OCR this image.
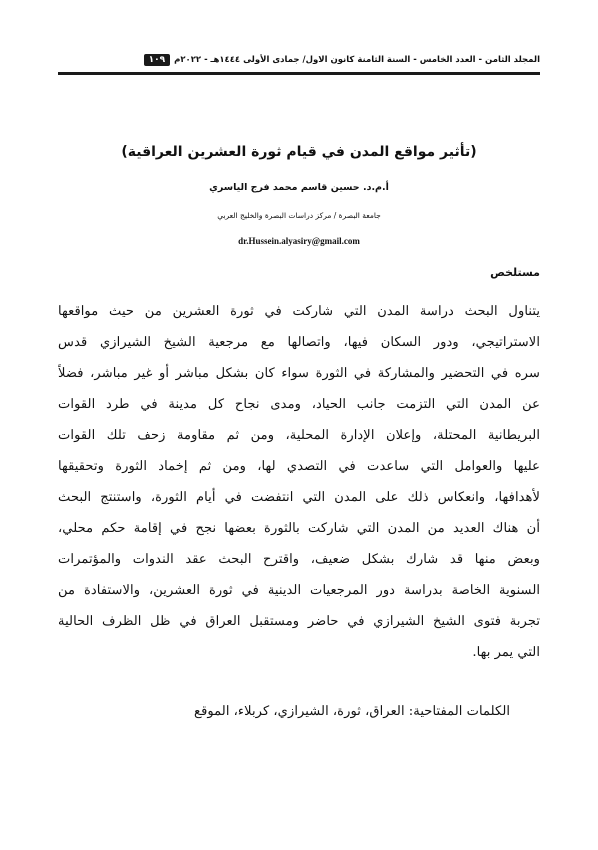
المجلد الثامن - العدد الخامس - السنة الثامنة كانون الاول/ جمادى الأولى ١٤٤٤هـ - ٢٠٢٢م
١٠٩
(تأثير مواقع المدن في قيام ثورة العشرين العراقية)
أ.م.د. حسين قاسم محمد فرج الياسري
جامعة البصرة / مركز دراسات البصرة والخليج العربي
dr.Hussein.alyasiry@gmail.com
مستلخص
يتناول البحث دراسة المدن التي شاركت في ثورة العشرين من حيث مواقعها
الاستراتيجي، ودور السكان فيها، واتصالها مع مرجعية الشيخ الشيرازي قدس
سره في التحضير والمشاركة في الثورة سواء كان بشكل مباشر أو غير مباشر، فضلاً
عن المدن التي التزمت جانب الحياد، ومدى نجاح كل مدينة في طرد القوات
البريطانية المحتلة، وإعلان الإدارة المحلية، ومن ثم مقاومة زحف تلك القوات
عليها والعوامل التي ساعدت في التصدي لها، ومن ثم إخماد الثورة وتحقيقها
لأهدافها، وانعكاس ذلك على المدن التي انتفضت في أيام الثورة، واستنتج البحث
أن هناك العديد من المدن التي شاركت بالثورة بعضها نجح في إقامة حكم محلي،
وبعض منها قد شارك بشكل ضعيف، واقترح البحث عقد الندوات والمؤتمرات
السنوية الخاصة بدراسة دور المرجعيات الدينية في ثورة العشرين، والاستفادة من
تجربة فتوى الشيخ الشيرازي في حاضر ومستقبل العراق في ظل الظرف الحالية
التي يمر بها.
الكلمات المفتاحية: العراق، ثورة، الشيرازي، كربلاء، الموقع
